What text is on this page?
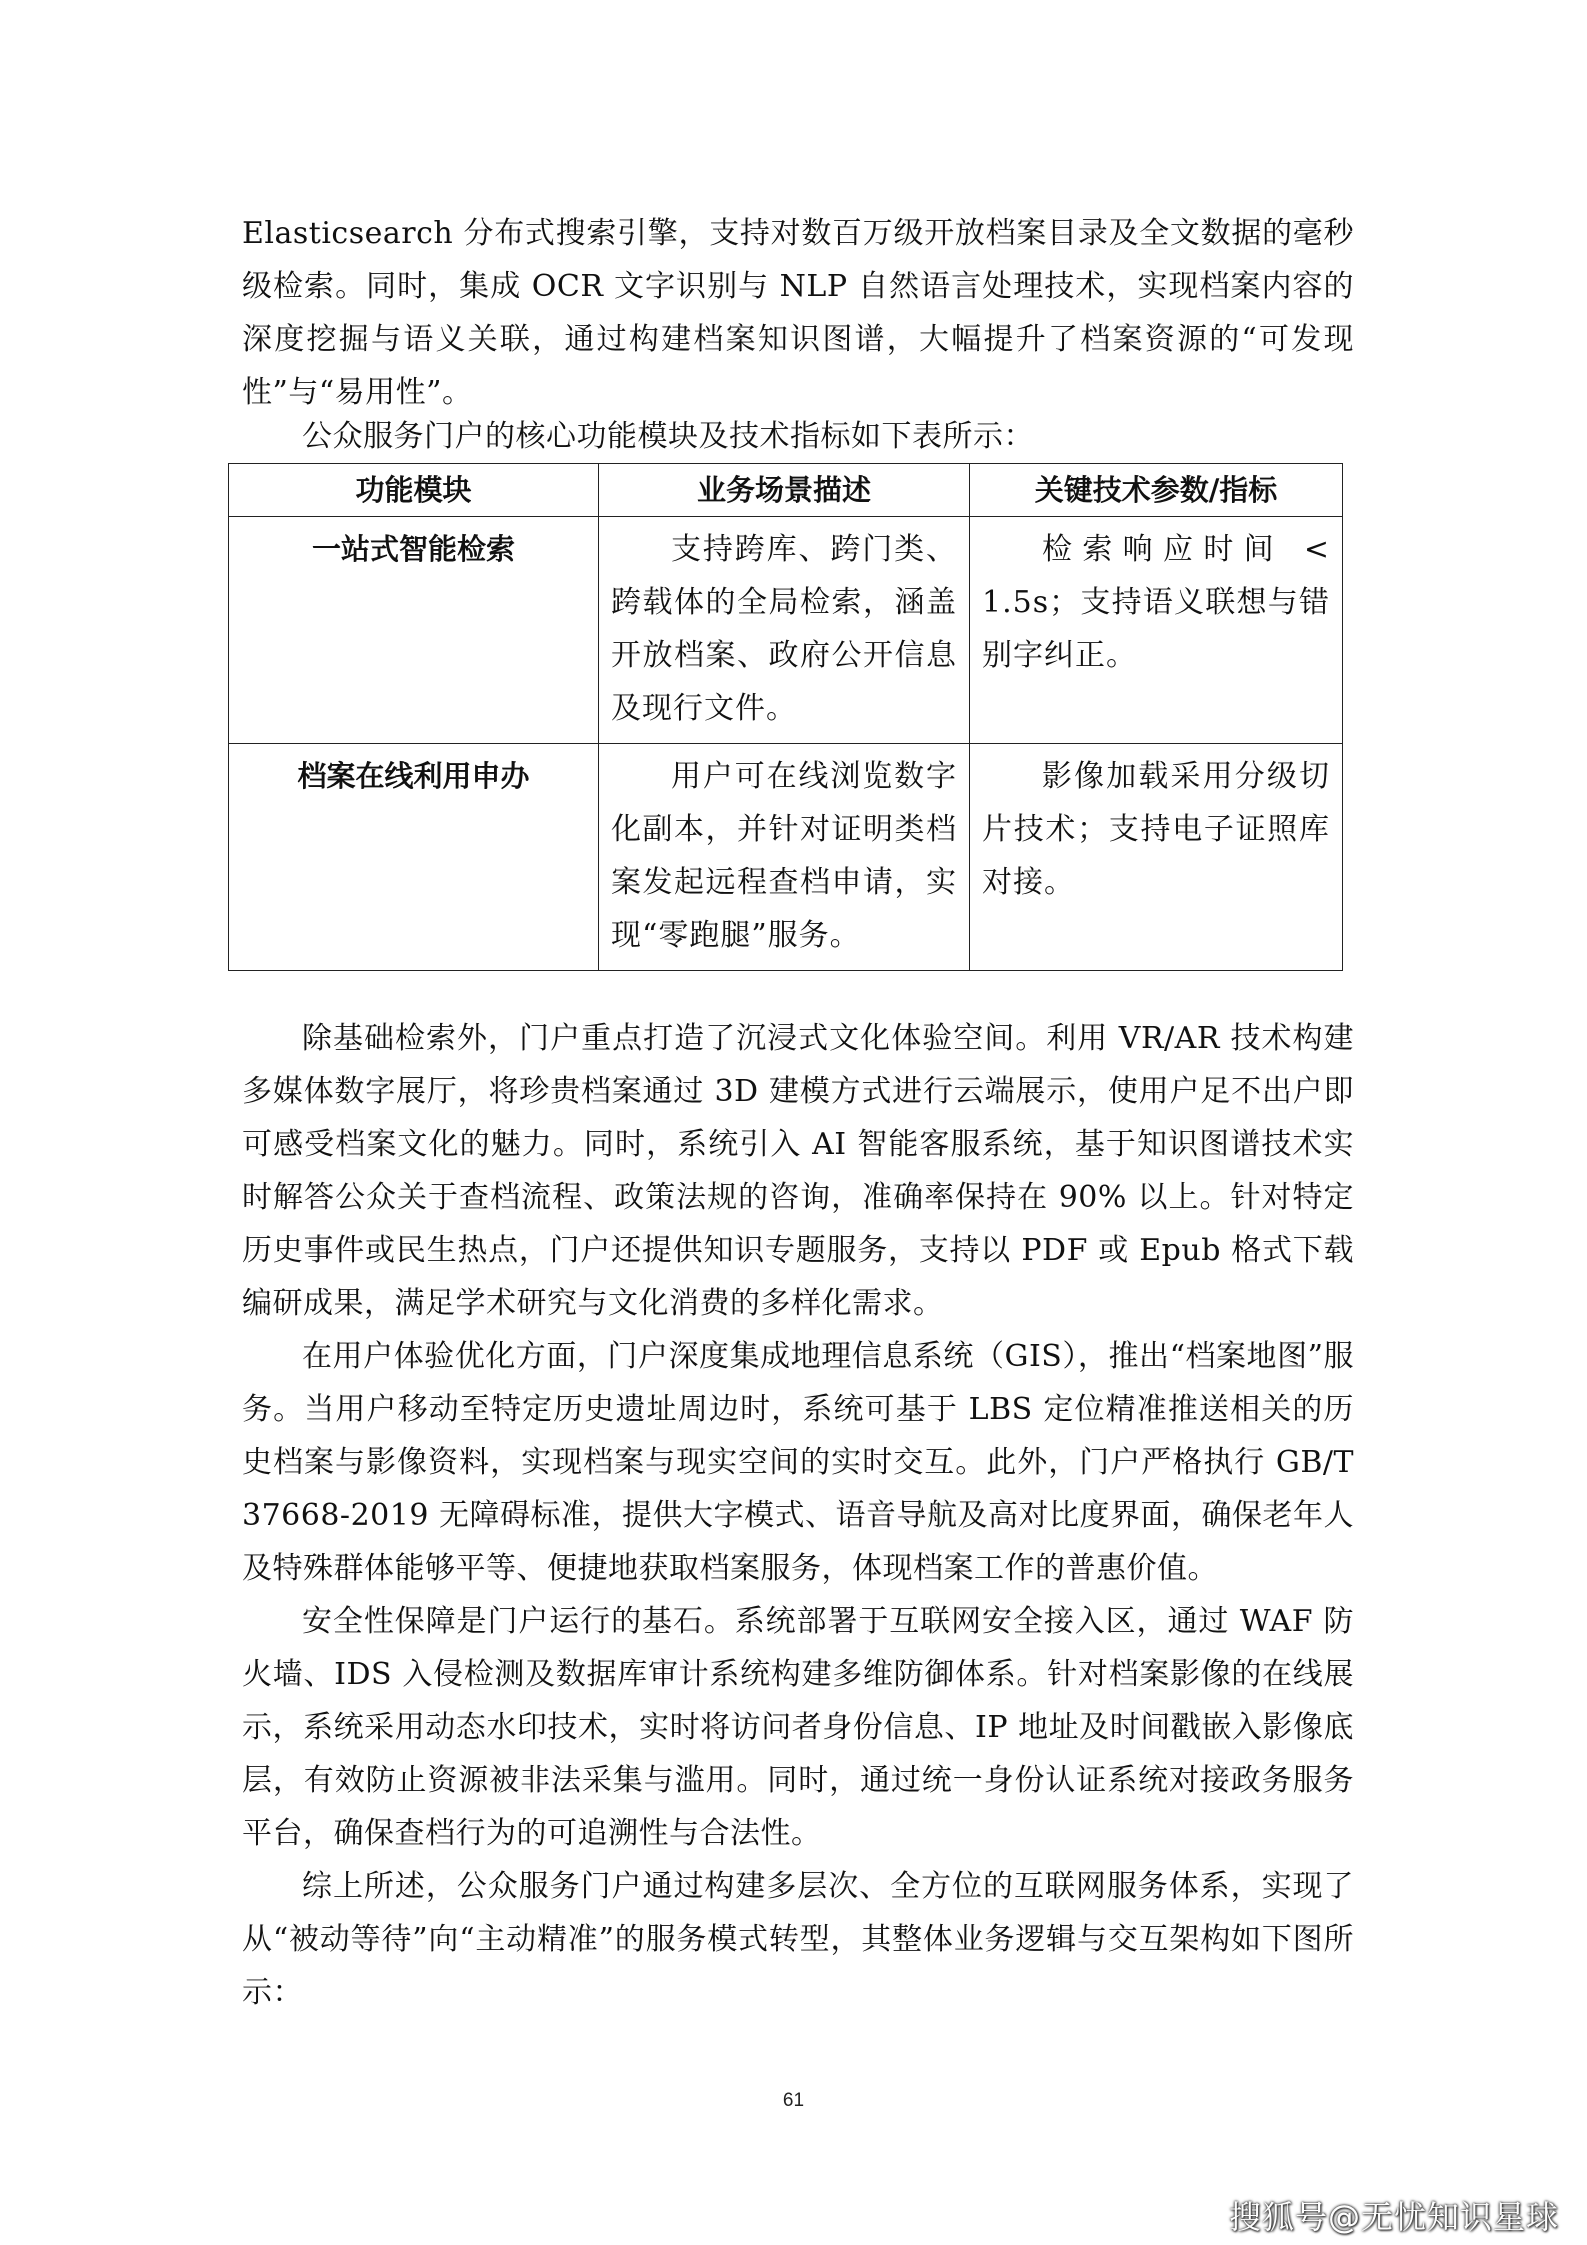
Elasticsearch 分布式搜索引擎，支持对数百万级开放档案目录及全文数据的毫秒级检索。同时，集成 OCR 文字识别与 NLP 自然语言处理技术，实现档案内容的深度挖掘与语义关联，通过构建档案知识图谱，大幅提升了档案资源的“可发现性”与“易用性”。

公众服务门户的核心功能模块及技术指标如下表所示：

功能模块	业务场景描述	关键技术参数/指标
一站式智能检索	支持跨库、跨门类、跨载体的全局检索，涵盖开放档案、政府公开信息及现行文件。	检索响应时间 < 1.5s；支持语义联想与错别字纠正。
档案在线利用申办	用户可在线浏览数字化副本，并针对证明类档案发起远程查档申请，实现“零跑腿”服务。	影像加载采用分级切片技术；支持电子证照库对接。

除基础检索外，门户重点打造了沉浸式文化体验空间。利用 VR/AR 技术构建多媒体数字展厅，将珍贵档案通过 3D 建模方式进行云端展示，使用户足不出户即可感受档案文化的魅力。同时，系统引入 AI 智能客服系统，基于知识图谱技术实时解答公众关于查档流程、政策法规的咨询，准确率保持在 90% 以上。针对特定历史事件或民生热点，门户还提供知识专题服务，支持以 PDF 或 Epub 格式下载编研成果，满足学术研究与文化消费的多样化需求。

在用户体验优化方面，门户深度集成地理信息系统（GIS），推出“档案地图”服务。当用户移动至特定历史遗址周边时，系统可基于 LBS 定位精准推送相关的历史档案与影像资料，实现档案与现实空间的实时交互。此外，门户严格执行 GB/T 37668-2019 无障碍标准，提供大字模式、语音导航及高对比度界面，确保老年人及特殊群体能够平等、便捷地获取档案服务，体现档案工作的普惠价值。

安全性保障是门户运行的基石。系统部署于互联网安全接入区，通过 WAF 防火墙、IDS 入侵检测及数据库审计系统构建多维防御体系。针对档案影像的在线展示，系统采用动态水印技术，实时将访问者身份信息、IP 地址及时间戳嵌入影像底层，有效防止资源被非法采集与滥用。同时，通过统一身份认证系统对接政务服务平台，确保查档行为的可追溯性与合法性。

综上所述，公众服务门户通过构建多层次、全方位的互联网服务体系，实现了从“被动等待”向“主动精准”的服务模式转型，其整体业务逻辑与交互架构如下图所示：

61
搜狐号@无忧知识星球
